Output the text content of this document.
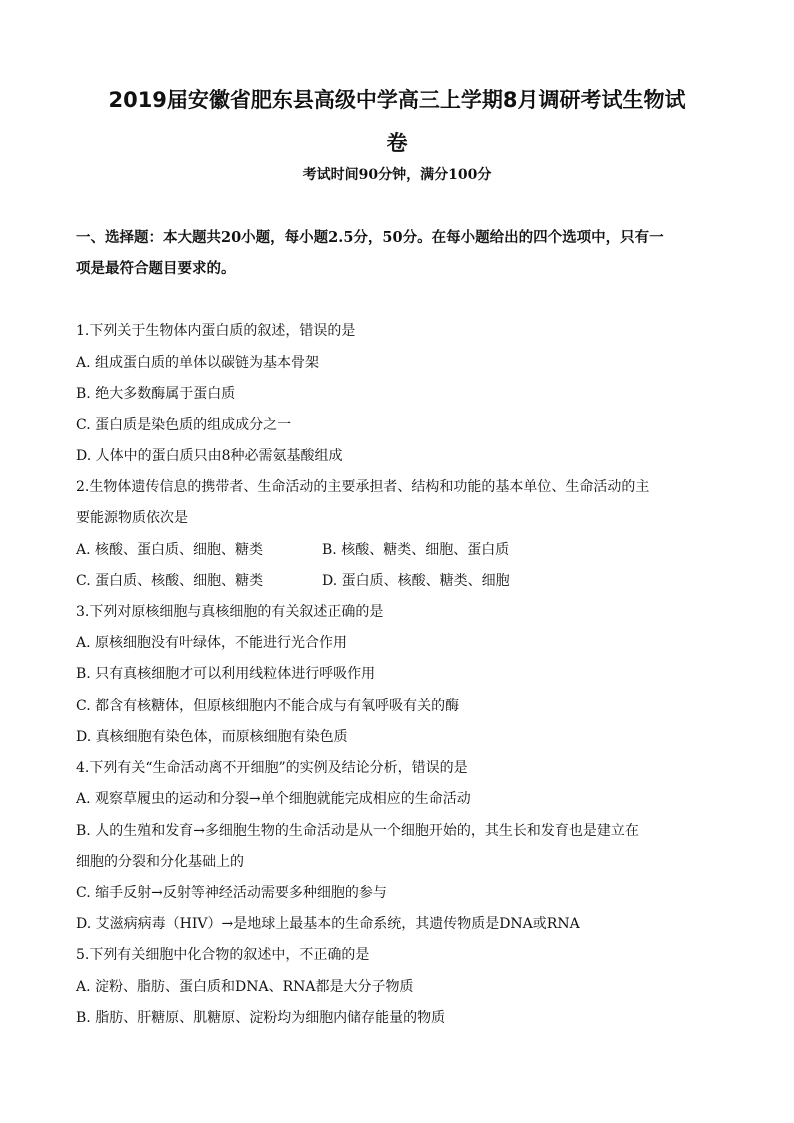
2019届安徽省肥东县高级中学高三上学期8月调研考试生物试
卷
考试时间90分钟，满分100分
一、选择题：本大题共20小题，每小题2.5分，50分。在每小题给出的四个选项中，只有一
项是最符合题目要求的。
1.下列关于生物体内蛋白质的叙述，错误的是
A. 组成蛋白质的单体以碳链为基本骨架
B. 绝大多数酶属于蛋白质
C. 蛋白质是染色质的组成成分之一
D. 人体中的蛋白质只由8种必需氨基酸组成
2.生物体遗传信息的携带者、生命活动的主要承担者、结构和功能的基本单位、生命活动的主
要能源物质依次是
A. 核酸、蛋白质、细胞、糖类	B. 核酸、糖类、细胞、蛋白质
C. 蛋白质、核酸、细胞、糖类	D. 蛋白质、核酸、糖类、细胞
3.下列对原核细胞与真核细胞的有关叙述正确的是
A. 原核细胞没有叶绿体，不能进行光合作用
B. 只有真核细胞才可以利用线粒体进行呼吸作用
C. 都含有核糖体，但原核细胞内不能合成与有氧呼吸有关的酶
D. 真核细胞有染色体，而原核细胞有染色质
4.下列有关“生命活动离不开细胞”的实例及结论分析，错误的是
A. 观察草履虫的运动和分裂→单个细胞就能完成相应的生命活动
B. 人的生殖和发育→多细胞生物的生命活动是从一个细胞开始的，其生长和发育也是建立在
细胞的分裂和分化基础上的
C. 缩手反射→反射等神经活动需要多种细胞的参与
D. 艾滋病病毒（HIV）→是地球上最基本的生命系统，其遗传物质是DNA或RNA
5.下列有关细胞中化合物的叙述中，不正确的是
A. 淀粉、脂肪、蛋白质和DNA、RNA都是大分子物质
B. 脂肪、肝糖原、肌糖原、淀粉均为细胞内储存能量的物质
